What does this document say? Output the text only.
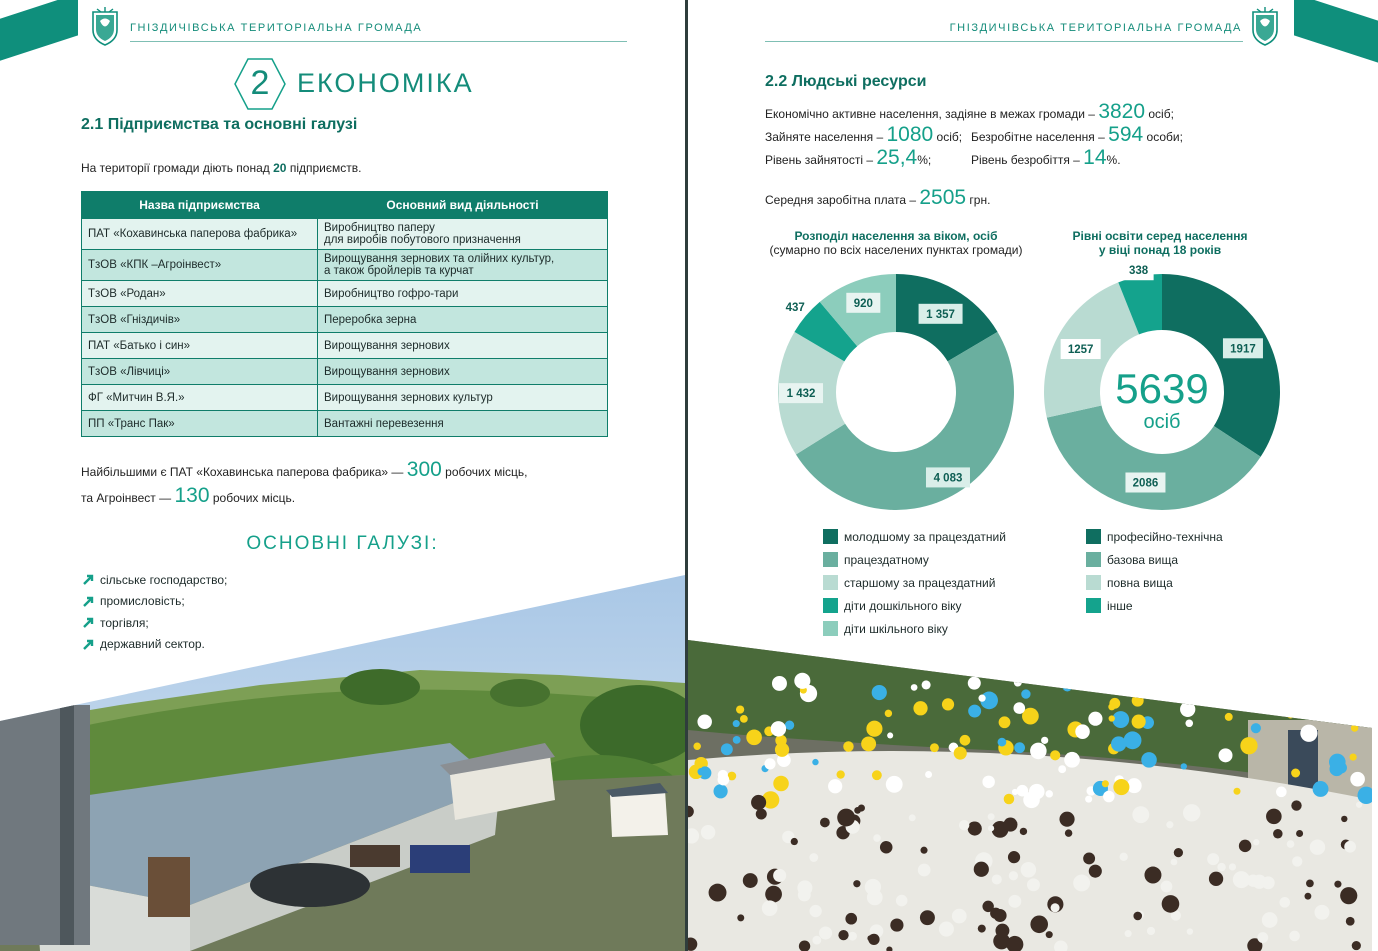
ГНІЗДИЧІВСЬКА ТЕРИТОРІАЛЬНА ГРОМАДА
2	ЕКОНОМІКА
2.1 Підприємства та основні галузі
На території громади діють понад 20 підприємств.
Назва підприємства	Основний вид діяльності
ПАТ «Кохавинська паперова фабрика»	Виробництво паперу
для виробів побутового призначення
ТзОВ «КПК –Агроінвест»	Вирощування зернових та олійних культур,
а також бройлерів та курчат
ТзОВ «Родан»	Виробництво гофро-тари
ТзОВ «Гніздичів»	Переробка зерна
ПАТ «Батько і син»	Вирощування зернових
ТзОВ «Лівчиці»	Вирощування зернових
ФГ «Митчин В.Я.»	Вирощування зернових культур
ПП «Транс Пак»	Вантажні перевезення
Найбільшими є ПАТ «Кохавинська паперова фабрика» — 300 робочих місць,
та Агроінвест — 130 робочих місць.
ОСНОВНІ ГАЛУЗІ:
сільське господарство;
промисловість;
торгівля;
державний сектор.
ГНІЗДИЧІВСЬКА ТЕРИТОРІАЛЬНА ГРОМАДА
2.2 Людські ресурси
Економічно активне населення, задіяне в межах громади – 3820 осіб;
Зайняте населення – 1080 осіб; Безробітне населення – 594 особи;
Рівень зайнятості – 25,4%;	Рівень безробіття – 14%.
Середня заробітна плата – 2505 грн.
Розподіл населення за віком, осіб
(сумарно по всіх населених пунктах громади)
Рівні освіти серед населення
у віці понад 18 років
1 357
4 083
1 432
437	920
1917
2086
1257
338
5639
осіб
молодшому за працездатний
працездатному
старшому за працездатний
діти дошкільного віку
діти шкільного віку
професійно-технічна
базова вища
повна вища
інше
